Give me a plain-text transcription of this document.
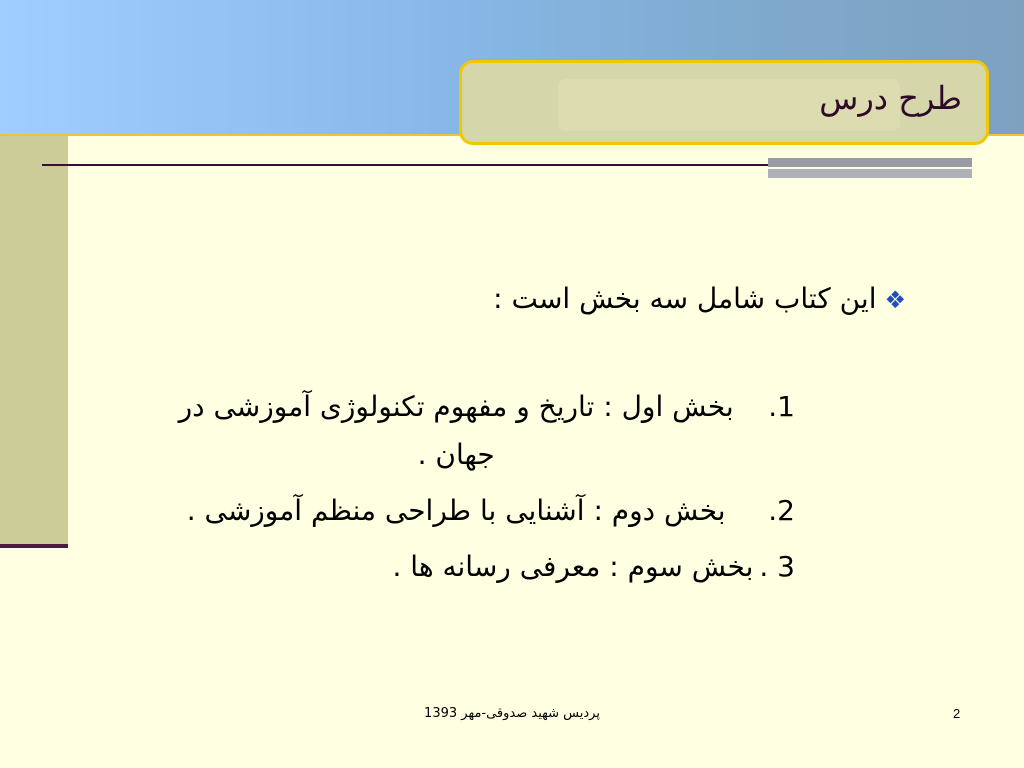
طرح درس
❖این کتاب شامل سه بخش است :
1.
بخش اول : تاریخ و مفهوم تکنولوژی آموزشی در جهان .
2.
بخش دوم : آشنایی با طراحی منظم آموزشی .
3 .
بخش سوم : معرفی رسانه ها .
پردیس شهید صدوقی-مهر 1393	2
